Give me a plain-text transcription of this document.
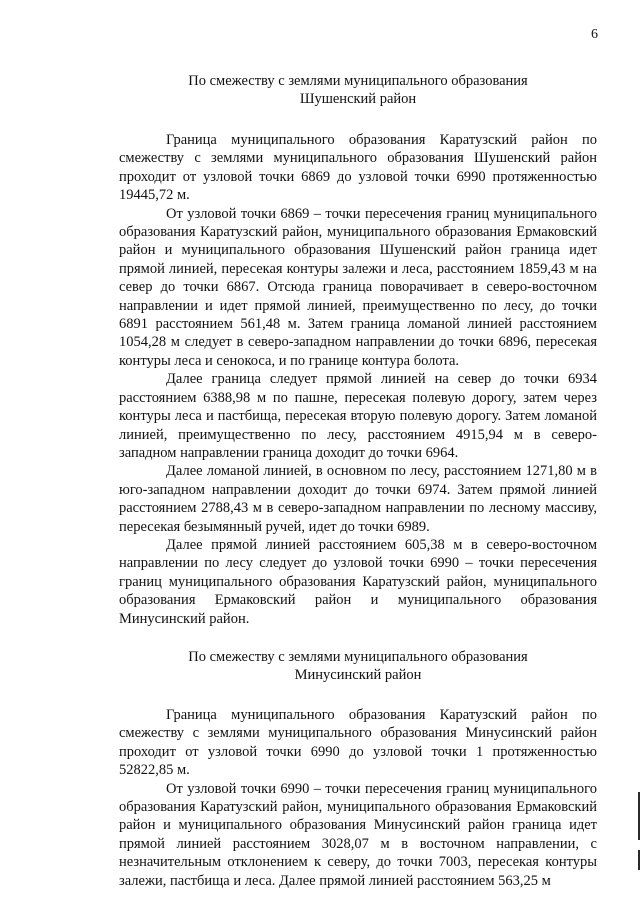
6

По смежеству с землями муниципального образования

Шушенский район

Граница муниципального образования Каратузский район по смежеству с землями муниципального образования Шушенский район проходит от узловой точки 6869 до узловой точки 6990 протяженностью 19445,72 м.

От узловой точки 6869 – точки пересечения границ муниципального образования Каратузский район, муниципального образования Ермаковский район и муниципального образования Шушенский район граница идет прямой линией, пересекая контуры залежи и леса, расстоянием 1859,43 м на север до точки 6867. Отсюда граница поворачивает в северо-восточном направлении и идет прямой линией, преимущественно по лесу, до точки 6891 расстоянием 561,48 м. Затем граница ломаной линией расстоянием 1054,28 м следует в северо-западном направлении до точки 6896, пересекая контуры леса и сенокоса, и по границе контура болота.

Далее граница следует прямой линией на север до точки 6934 расстоянием 6388,98 м по пашне, пересекая полевую дорогу, затем через контуры леса и пастбища, пересекая вторую полевую дорогу. Затем ломаной линией, преимущественно по лесу, расстоянием 4915,94 м в северо-западном направлении граница доходит до точки 6964.

Далее ломаной линией, в основном по лесу, расстоянием 1271,80 м в юго-западном направлении доходит до точки 6974. Затем прямой линией расстоянием 2788,43 м в северо-западном направлении по лесному массиву, пересекая безымянный ручей, идет до точки 6989.

Далее прямой линией расстоянием 605,38 м в северо-восточном направлении по лесу следует до узловой точки 6990 – точки пересечения границ муниципального образования Каратузский район, муниципального образования Ермаковский район и муниципального образования Минусинский район.

По смежеству с землями муниципального образования

Минусинский район

Граница муниципального образования Каратузский район по смежеству с землями муниципального образования Минусинский район проходит от узловой точки 6990 до узловой точки 1 протяженностью 52822,85 м.

От узловой точки 6990 – точки пересечения границ муниципального образования Каратузский район, муниципального образования Ермаковский район и муниципального образования Минусинский район граница идет прямой линией расстоянием 3028,07 м в восточном направлении, с незначительным отклонением к северу, до точки 7003, пересекая контуры залежи, пастбища и леса. Далее прямой линией расстоянием 563,25 м
